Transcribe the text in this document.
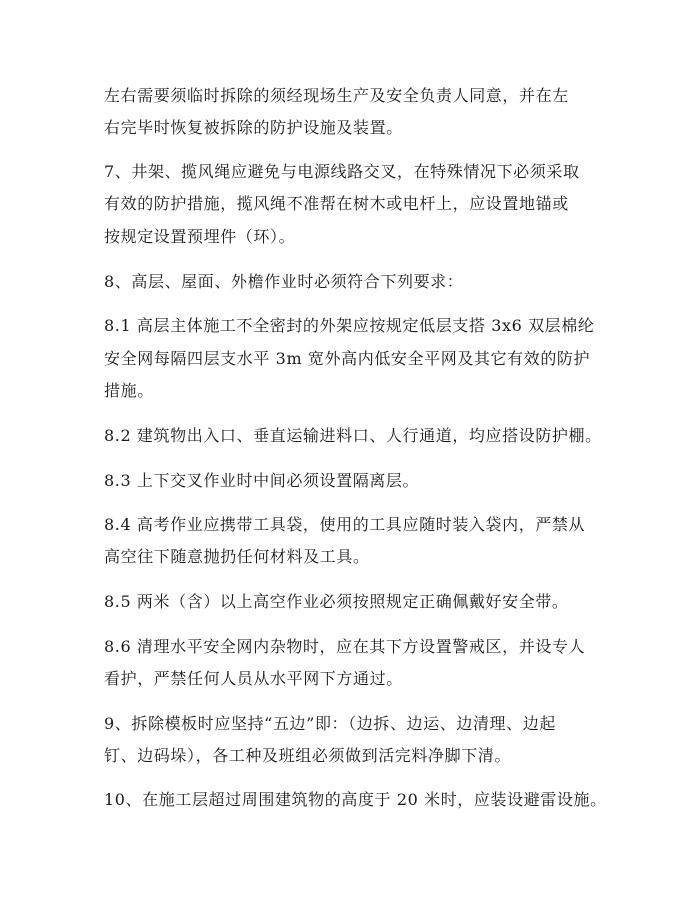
左右需要须临时拆除的须经现场生产及安全负责人同意，并在左
右完毕时恢复被拆除的防护设施及装置。
7、井架、揽风绳应避免与电源线路交叉，在特殊情况下必须采取
有效的防护措施，揽风绳不准帮在树木或电杆上，应设置地锚或
按规定设置预埋件（环）。
8、高层、屋面、外檐作业时必须符合下列要求：
8.1 高层主体施工不全密封的外架应按规定低层支搭 3x6 双层棉纶
安全网每隔四层支水平 3m 宽外高内低安全平网及其它有效的防护
措施。
8.2 建筑物出入口、垂直运输进料口、人行通道，均应搭设防护棚。
8.3 上下交叉作业时中间必须设置隔离层。
8.4 高考作业应携带工具袋，使用的工具应随时装入袋内，严禁从
高空往下随意抛扔任何材料及工具。
8.5 两米（含）以上高空作业必须按照规定正确佩戴好安全带。
8.6 清理水平安全网内杂物时，应在其下方设置警戒区，并设专人
看护，严禁任何人员从水平网下方通过。
9、拆除模板时应坚持“五边”即：（边拆、边运、边清理、边起
钉、边码垛），各工种及班组必须做到活完料净脚下清。
10、在施工层超过周围建筑物的高度于 20 米时，应装设避雷设施。
